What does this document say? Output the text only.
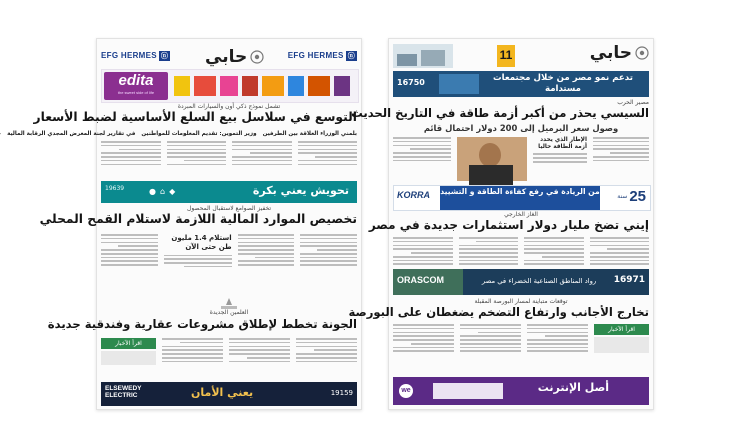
EFG HERMES ⓝ حابي	EFG HERMES ⓝ
edita
the sweet side of life
تشمل نموذج ذكي أون والسيارات المبردة
التوسع في سلاسل بيع السلع الأساسية لضبط الأسعار
بلمني الوزراء العلاقة بين الطرفين
وزير التموين: تقديم المعلومات للمواطنين
في تقارير لجنة المعرض المجدي الرقابة المالية
19639	● ⌂ ◆	تحويش يعني بكرة
تخفيز الصوامع لاستقبال المحصول
تخصيص الموارد المالية اللازمة لاستلام القمح المحلي
استلام 1.4 مليون طن حتى الآن
العلمين الجديدة
الجونة تخطط لإطلاق مشروعات عقارية وفندقية جديدة
اقرأ الآخبار
ELSEWEDY ELECTRIC	يعني الأمان	19159
11	حابي
16750	تدعم نمو مصر من خلال مجتمعات مستدامة
مصير الحرب
السيسي يحذر من أكبر أزمة طاقة في التاريخ الحديث
وصول سعر البرميل إلى 200 دولار احتمال قائم
الإطار الذي يحدد أزمة الطاقة حاليا
KORRA من الريادة في رفع كفاءة الطاقة و التشييد
سنة 25
الغاز الخارجي
إيني تضخ مليار دولار استثمارات جديدة في مصر
ORASCOM	رواد المناطق الصناعية الخضراء في مصر	16971
توقعات متباينة لمسار البورصة المقبلة
تخارج الأجانب وارتفاع التضخم يضغطان على البورصة
اقرأ الآخبار
we	أصل الإنترنت
